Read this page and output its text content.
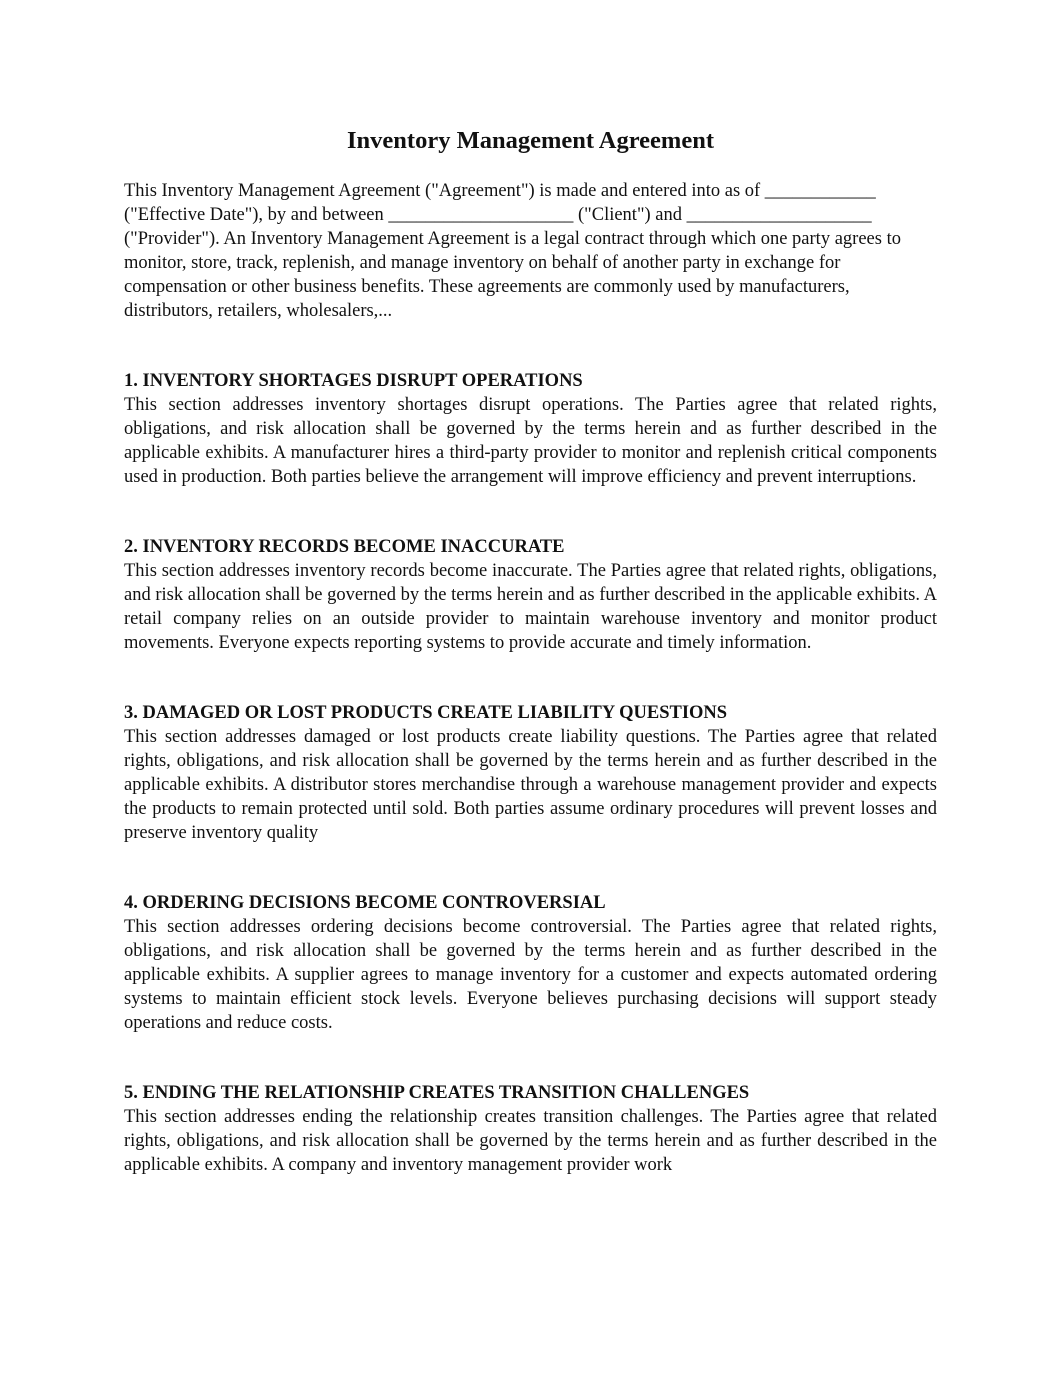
Inventory Management Agreement

This Inventory Management Agreement ("Agreement") is made and entered into as of ____________ ("Effective Date"), by and between ____________________ ("Client") and ____________________ ("Provider"). An Inventory Management Agreement is a legal contract through which one party agrees to monitor, store, track, replenish, and manage inventory on behalf of another party in exchange for compensation or other business benefits. These agreements are commonly used by manufacturers, distributors, retailers, wholesalers,...

1. INVENTORY SHORTAGES DISRUPT OPERATIONS

This section addresses inventory shortages disrupt operations. The Parties agree that related rights, obligations, and risk allocation shall be governed by the terms herein and as further described in the applicable exhibits. A manufacturer hires a third-party provider to monitor and replenish critical components used in production. Both parties believe the arrangement will improve efficiency and prevent interruptions.

2. INVENTORY RECORDS BECOME INACCURATE

This section addresses inventory records become inaccurate. The Parties agree that related rights, obligations, and risk allocation shall be governed by the terms herein and as further described in the applicable exhibits. A retail company relies on an outside provider to maintain warehouse inventory and monitor product movements. Everyone expects reporting systems to provide accurate and timely information.

3. DAMAGED OR LOST PRODUCTS CREATE LIABILITY QUESTIONS

This section addresses damaged or lost products create liability questions. The Parties agree that related rights, obligations, and risk allocation shall be governed by the terms herein and as further described in the applicable exhibits. A distributor stores merchandise through a warehouse management provider and expects the products to remain protected until sold. Both parties assume ordinary procedures will prevent losses and preserve inventory quality

4. ORDERING DECISIONS BECOME CONTROVERSIAL

This section addresses ordering decisions become controversial. The Parties agree that related rights, obligations, and risk allocation shall be governed by the terms herein and as further described in the applicable exhibits. A supplier agrees to manage inventory for a customer and expects automated ordering systems to maintain efficient stock levels. Everyone believes purchasing decisions will support steady operations and reduce costs.

5. ENDING THE RELATIONSHIP CREATES TRANSITION CHALLENGES

This section addresses ending the relationship creates transition challenges. The Parties agree that related rights, obligations, and risk allocation shall be governed by the terms herein and as further described in the applicable exhibits. A company and inventory management provider work
